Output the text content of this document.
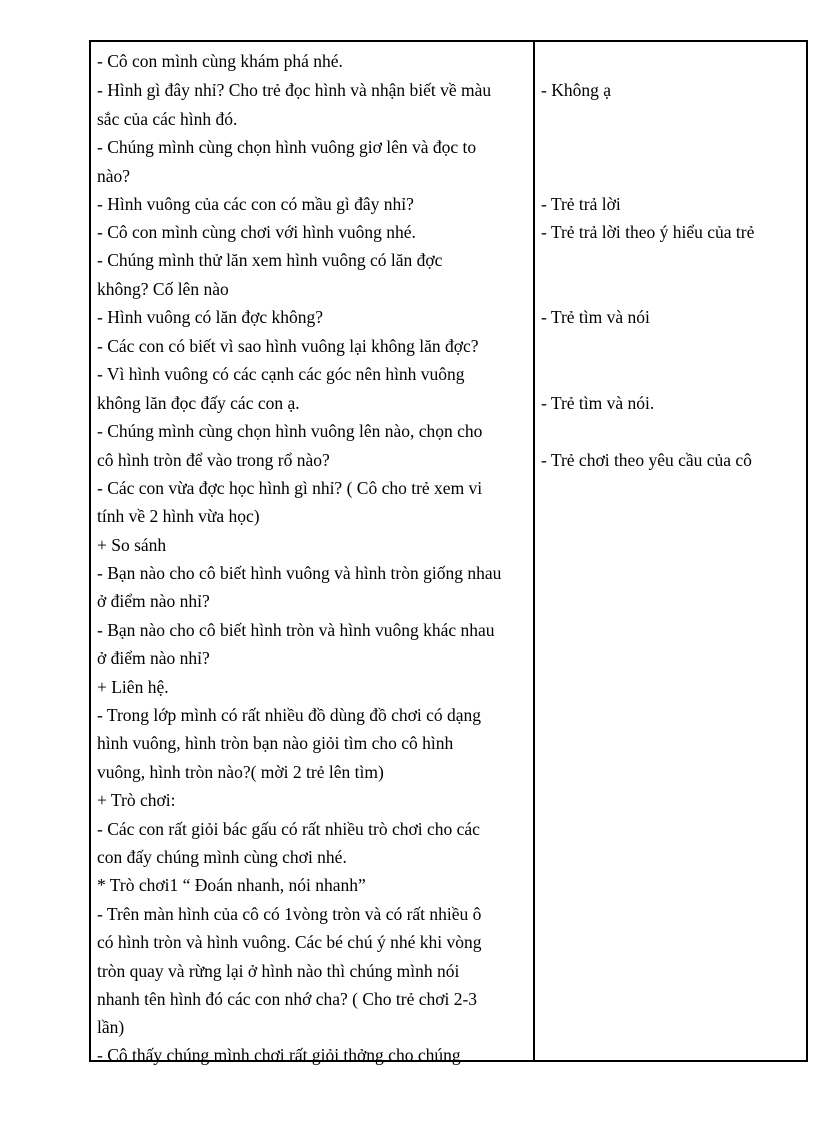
- Cô con mình cùng khám phá nhé.
- Hình gì đây nhỉ? Cho trẻ đọc hình và nhận biết về màu
sắc của các hình đó.
- Chúng mình cùng chọn hình vuông giơ lên và đọc to
nào?
- Hình vuông của các con có mầu gì đây nhỉ?
- Cô con mình cùng chơi với hình vuông nhé.
- Chúng mình thử lăn xem hình vuông có lăn đợc
không? Cố lên nào
- Hình vuông có lăn đợc không?
- Các con có biết vì sao hình vuông lại không lăn đợc?
- Vì hình vuông có các cạnh các góc nên hình vuông
không lăn đọc đấy các con ạ.
- Chúng mình cùng chọn hình vuông lên nào, chọn cho
cô hình tròn để vào trong rổ nào?
- Các con vừa đợc học hình gì nhỉ? ( Cô cho trẻ xem vi
tính về 2 hình vừa học)
+ So sánh
- Bạn nào cho cô biết hình vuông và hình tròn giống nhau
ở điểm nào nhỉ?
- Bạn nào cho cô biết hình tròn và hình vuông khác nhau
ở điểm nào nhỉ?
+ Liên hệ.
- Trong lớp mình có rất nhiều đồ dùng đồ chơi có dạng
hình vuông, hình tròn bạn nào giỏi tìm cho cô hình
vuông, hình tròn nào?( mời 2 trẻ lên tìm)
+ Trò chơi:
- Các con rất giỏi bác gấu có rất nhiều trò chơi cho các
con đấy chúng mình cùng chơi nhé.
* Trò chơi1 “ Đoán nhanh, nói nhanh”
- Trên màn hình của cô có 1vòng tròn và có rất nhiều ô
có hình tròn và hình vuông. Các bé chú ý nhé khi vòng
tròn quay và rừng lại ở hình nào thì chúng mình nói
nhanh tên hình đó các con nhớ cha? ( Cho trẻ chơi 2-3
lần)
- Cô thấy chúng mình chơi rất giỏi thởng cho chúng
- Không ạ
- Trẻ trả lời
- Trẻ trả lời theo ý hiểu của trẻ
- Trẻ tìm và nói
- Trẻ tìm và nói.
- Trẻ chơi theo yêu cầu của cô
